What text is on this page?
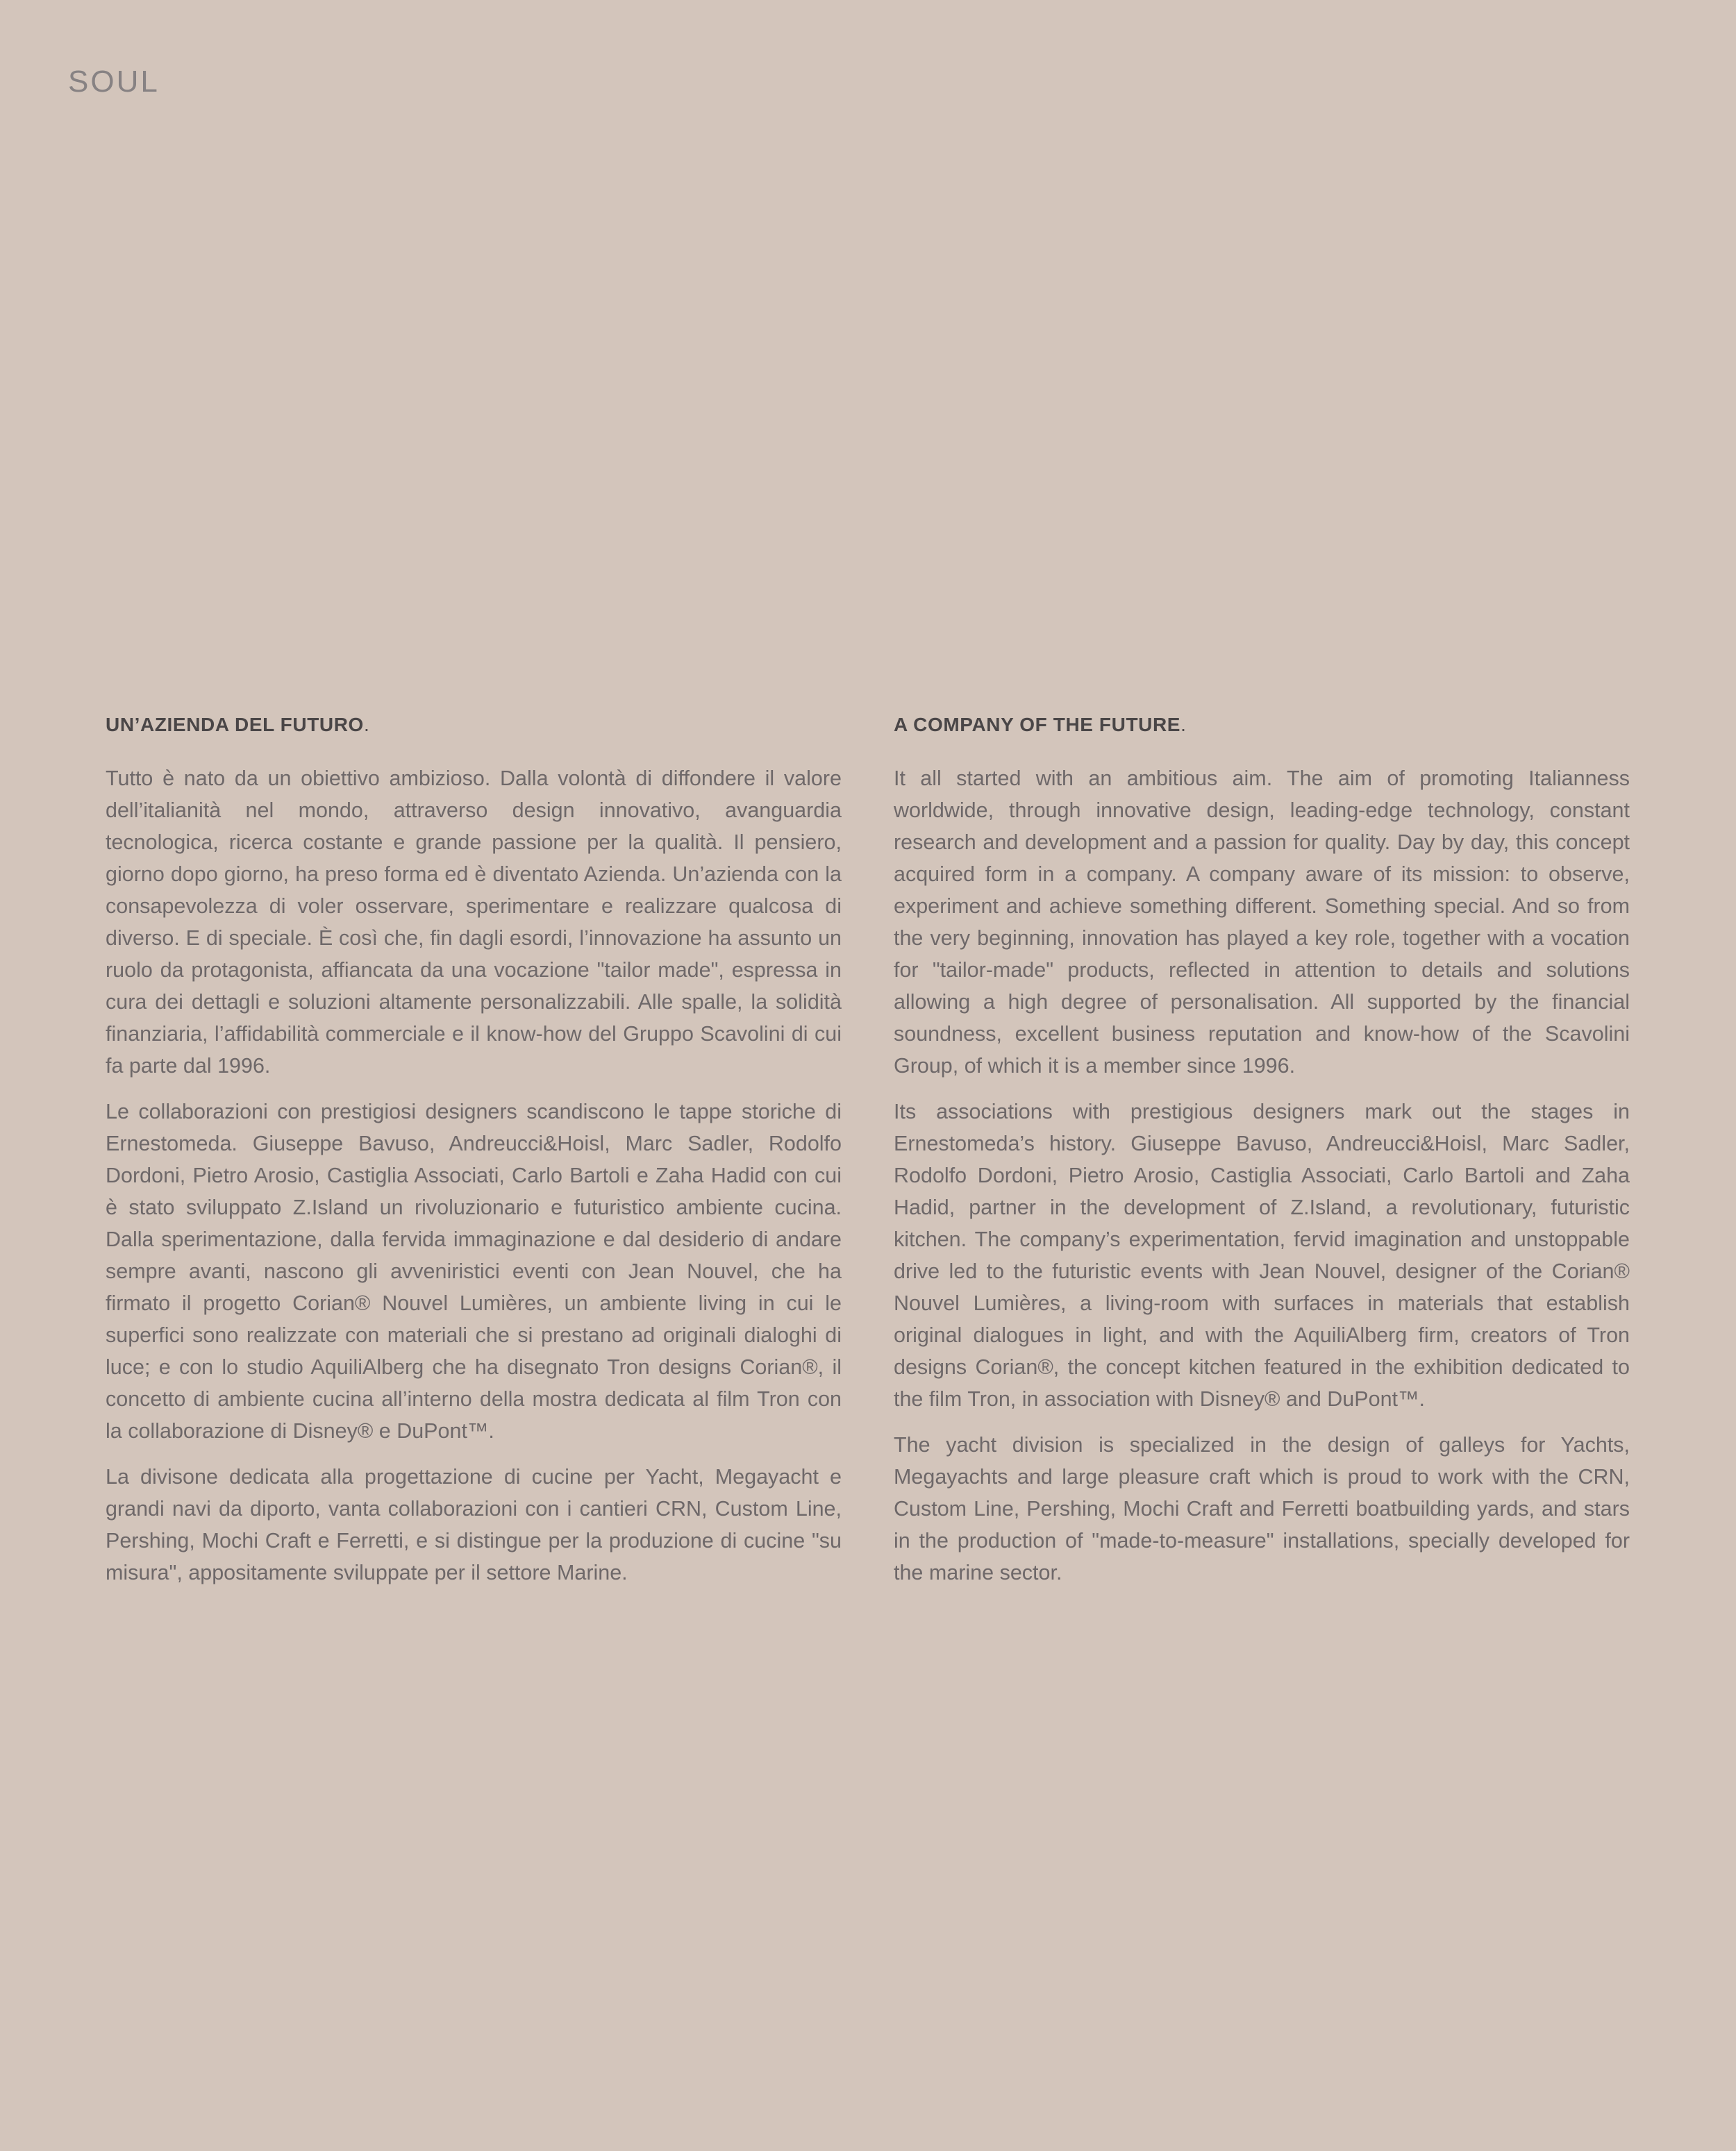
SOUL
UN’AZIENDA DEL FUTURO.

Tutto è nato da un obiettivo ambizioso. Dalla volontà di diffondere il valore dell’italianità nel mondo, attraverso design innovativo, avanguardia tecnologica, ricerca costante e grande passione per la qualità. Il pensiero, giorno dopo giorno, ha preso forma ed è diventato Azienda. Un’azienda con la consapevolezza di voler osservare, sperimentare e realizzare qualcosa di diverso. E di speciale. È così che, fin dagli esordi, l’innovazione ha assunto un ruolo da protagonista, affiancata da una vocazione "tailor made", espressa in cura dei dettagli e soluzioni altamente personalizzabili. Alle spalle, la solidità finanziaria, l’affidabilità commerciale e il know-how del Gruppo Scavolini di cui fa parte dal 1996.

Le collaborazioni con prestigiosi designers scandiscono le tappe storiche di Ernestomeda. Giuseppe Bavuso, Andreucci&Hoisl, Marc Sadler, Rodolfo Dordoni, Pietro Arosio, Castiglia Associati, Carlo Bartoli e Zaha Hadid con cui è stato sviluppato Z.Island un rivoluzionario e futuristico ambiente cucina. Dalla sperimentazione, dalla fervida immaginazione e dal desiderio di andare sempre avanti, nascono gli avveniristici eventi con Jean Nouvel, che ha firmato il progetto Corian® Nouvel Lumières, un ambiente living in cui le superfici sono realizzate con materiali che si prestano ad originali dialoghi di luce; e con lo studio AquiliAlberg che ha disegnato Tron designs Corian®, il concetto di ambiente cucina all’interno della mostra dedicata al film Tron con la collaborazione di Disney® e DuPont™.

La divisone dedicata alla progettazione di cucine per Yacht, Megayacht e grandi navi da diporto, vanta collaborazioni con i cantieri CRN, Custom Line, Pershing, Mochi Craft e Ferretti, e si distingue per la produzione di cucine "su misura", appositamente sviluppate per il settore Marine.

A COMPANY OF THE FUTURE.

It all started with an ambitious aim. The aim of promoting Italianness worldwide, through innovative design, leading-edge technology, constant research and development and a passion for quality. Day by day, this concept acquired form in a company. A company aware of its mission: to observe, experiment and achieve something different. Something special. And so from the very beginning, innovation has played a key role, together with a vocation for "tailor-made" products, reflected in attention to details and solutions allowing a high degree of personalisation. All supported by the financial soundness, excellent business reputation and know-how of the Scavolini Group, of which it is a member since 1996.

Its associations with prestigious designers mark out the stages in Ernestomeda’s history. Giuseppe Bavuso, Andreucci&Hoisl, Marc Sadler, Rodolfo Dordoni, Pietro Arosio, Castiglia Associati, Carlo Bartoli and Zaha Hadid, partner in the development of Z.Island, a revolutionary, futuristic kitchen. The company’s experimentation, fervid imagination and unstoppable drive led to the futuristic events with Jean Nouvel, designer of the Corian® Nouvel Lumières, a living-room with surfaces in materials that establish original dialogues in light, and with the AquiliAlberg firm, creators of Tron designs Corian®, the concept kitchen featured in the exhibition dedicated to the film Tron, in association with Disney® and DuPont™.

The yacht division is specialized in the design of galleys for Yachts, Megayachts and large pleasure craft which is proud to work with the CRN, Custom Line, Pershing, Mochi Craft and Ferretti boatbuilding yards, and stars in the production of "made-to-measure" installations, specially developed for the marine sector.
